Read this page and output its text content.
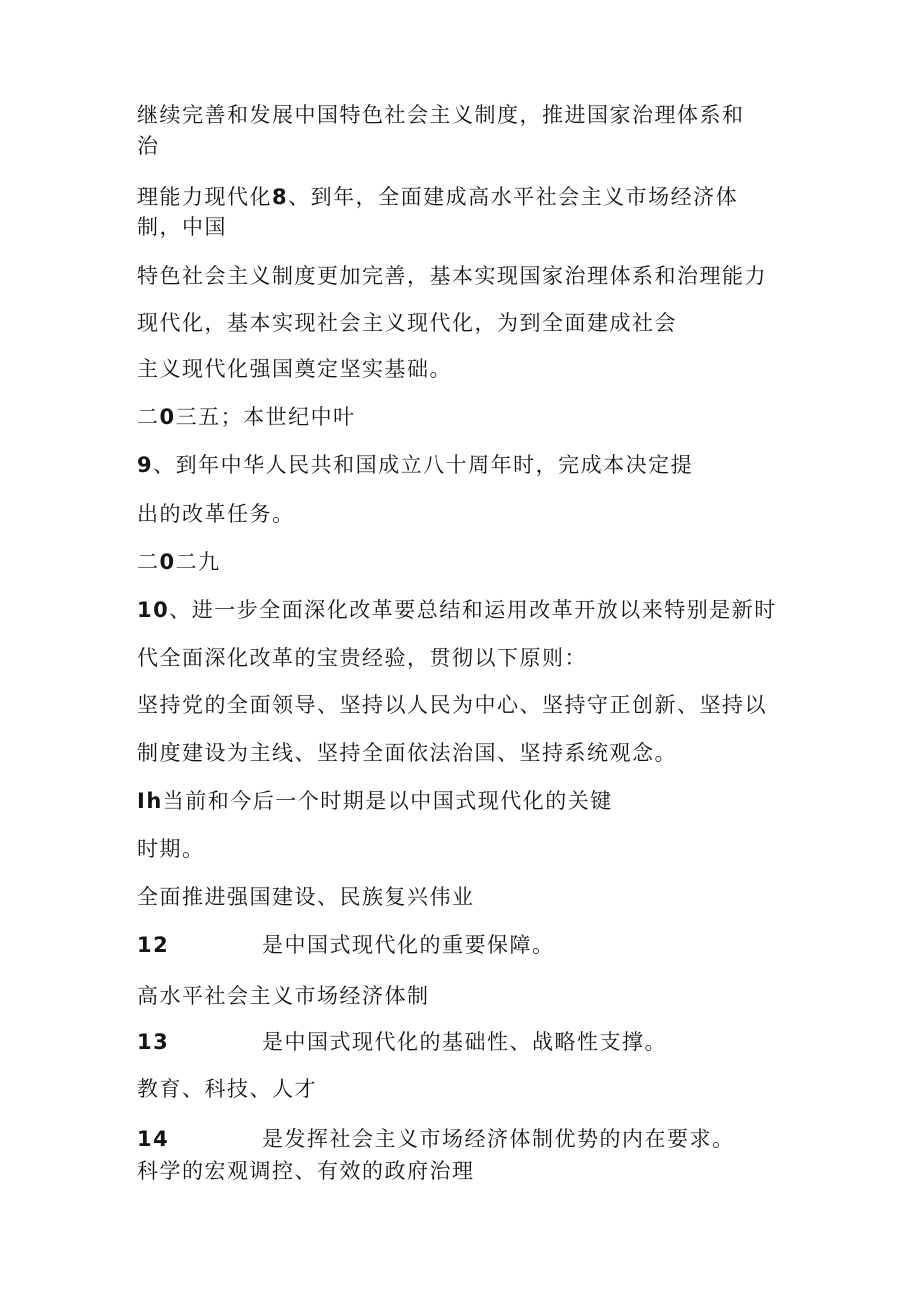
继续完善和发展中国特色社会主义制度，推进国家治理体系和
治
理能力现代化8、到年，全面建成高水平社会主义市场经济体
制，中国
特色社会主义制度更加完善，基本实现国家治理体系和治理能力
现代化，基本实现社会主义现代化，为到全面建成社会
主义现代化强国奠定坚实基础。
二0三五；本世纪中叶
9、到年中华人民共和国成立八十周年时，完成本决定提
出的改革任务。
二0二九
10、进一步全面深化改革要总结和运用改革开放以来特别是新时
代全面深化改革的宝贵经验，贯彻以下原则：
坚持党的全面领导、坚持以人民为中心、坚持守正创新、坚持以
制度建设为主线、坚持全面依法治国、坚持系统观念。
Ih当前和今后一个时期是以中国式现代化的关键
时期。
全面推进强国建设、民族复兴伟业
12	是中国式现代化的重要保障。
高水平社会主义市场经济体制
13	是中国式现代化的基础性、战略性支撑。
教育、科技、人才
14	是发挥社会主义市场经济体制优势的内在要求。
科学的宏观调控、有效的政府治理
